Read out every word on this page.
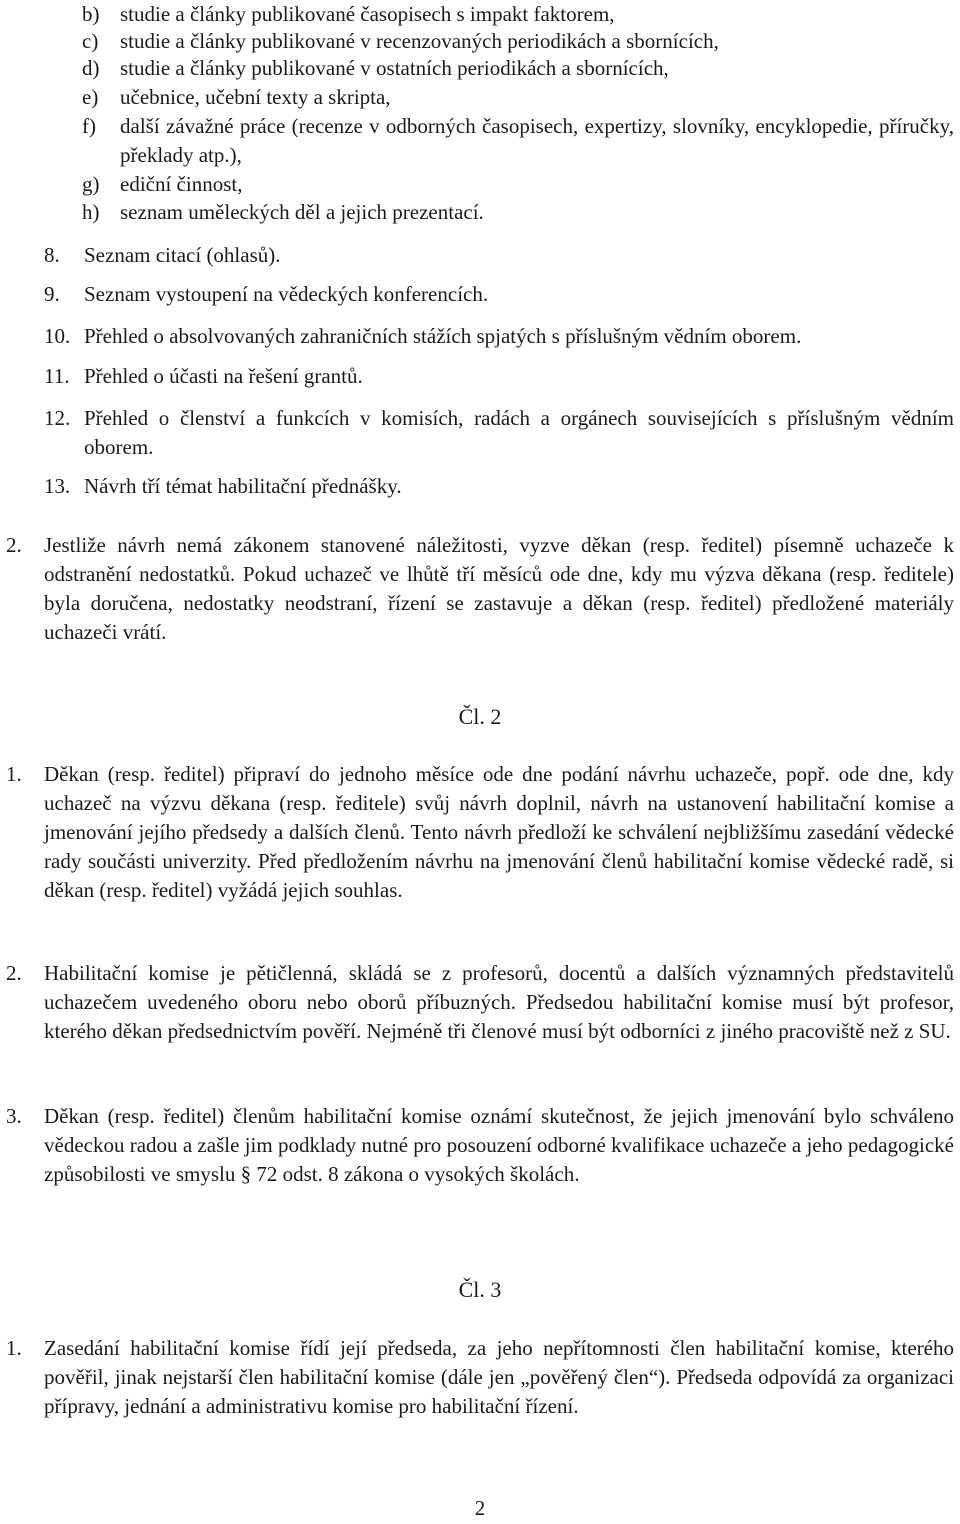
b) studie a články publikované časopisech s impakt faktorem,
c)	studie a články publikované v recenzovaných periodikách a sbornících,
d) studie a články publikované v ostatních periodikách a sbornících,
e)	učebnice, učební texty a skripta,
f)	další závažné práce (recenze v odborných časopisech, expertizy, slovníky, encyklopedie, příručky, překlady atp.),
g) ediční činnost,
h) seznam uměleckých děl a jejich prezentací.
8.	Seznam citací (ohlasů).
9.	Seznam vystoupení na vědeckých konferencích.
10. Přehled o absolvovaných zahraničních stážích spjatých s příslušným vědním oborem.
11. Přehled o účasti na řešení grantů.
12. Přehled o členství a funkcích v komisích, radách a orgánech souvisejících s příslušným vědním oborem.
13. Návrh tří témat habilitační přednášky.
2.	Jestliže návrh nemá zákonem stanovené náležitosti, vyzve děkan (resp. ředitel) písemně uchazeče k odstranění nedostatků. Pokud uchazeč ve lhůtě tří měsíců ode dne, kdy mu výzva děkana (resp. ředitele) byla doručena, nedostatky neodstraní, řízení se zastavuje a děkan (resp. ředitel) předložené materiály uchazeči vrátí.
Čl. 2
1.	Děkan (resp. ředitel) připraví do jednoho měsíce ode dne podání návrhu uchazeče, popř. ode dne, kdy uchazeč na výzvu děkana (resp. ředitele) svůj návrh doplnil, návrh na ustanovení habilitační komise a jmenování jejího předsedy a dalších členů. Tento návrh předloží ke schválení nejbližšímu zasedání vědecké rady součásti univerzity. Před předložením návrhu na jmenování členů habilitační komise vědecké radě, si děkan (resp. ředitel) vyžádá jejich souhlas.
2.	Habilitační komise je pětičlenná, skládá se z profesorů, docentů a dalších významných představitelů uchazečem uvedeného oboru nebo oborů příbuzných. Předsedou habilitační komise musí být profesor, kterého děkan předsednictvím pověří. Nejméně tři členové musí být odborníci z jiného pracoviště než z SU.
3.	Děkan (resp. ředitel) členům habilitační komise oznámí skutečnost, že jejich jmenování bylo schváleno vědeckou radou a zašle jim podklady nutné pro posouzení odborné kvalifikace uchazeče a jeho pedagogické způsobilosti ve smyslu § 72 odst. 8 zákona o vysokých školách.
Čl. 3
1.	Zasedání habilitační komise řídí její předseda, za jeho nepřítomnosti člen habilitační komise, kterého pověřil, jinak nejstarší člen habilitační komise (dále jen „pověřený člen“). Předseda odpovídá za organizaci přípravy, jednání a administrativu komise pro habilitační řízení.
2
